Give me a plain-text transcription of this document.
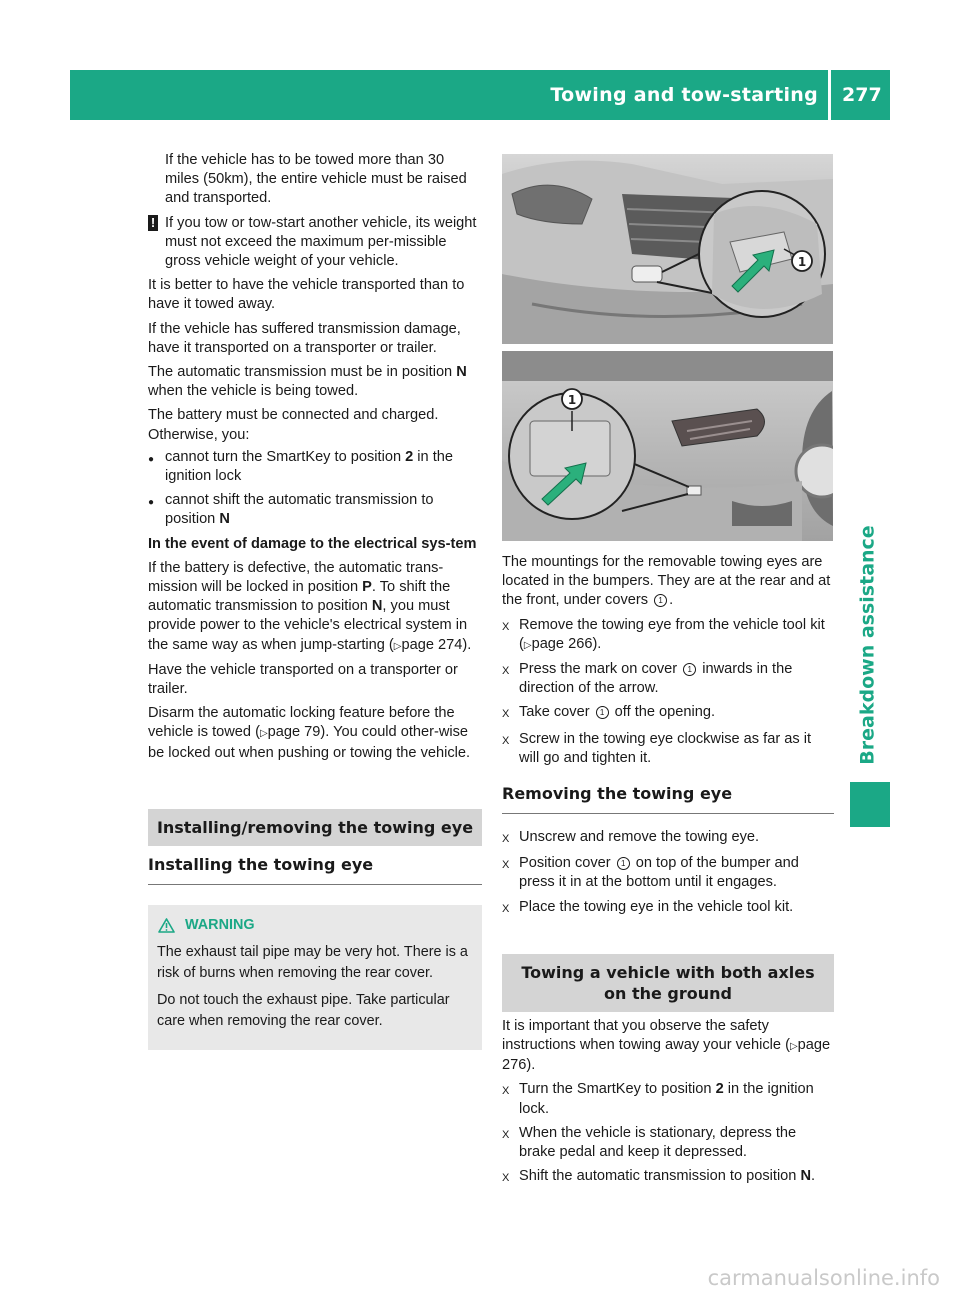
Towing and tow-starting 277
Breakdown assistance

If the vehicle has to be towed more than 30 miles (50km), the entire vehicle must be raised and transported.

! If you tow or tow-start another vehicle, its weight must not exceed the maximum per-missible gross vehicle weight of your vehicle.

It is better to have the vehicle transported than to have it towed away.

If the vehicle has suffered transmission damage, have it transported on a transporter or trailer.

The automatic transmission must be in position N when the vehicle is being towed.

The battery must be connected and charged. Otherwise, you:

● cannot turn the SmartKey to position 2 in the ignition lock
● cannot shift the automatic transmission to position N
In the event of damage to the electrical sys-tem

If the battery is defective, the automatic trans-mission will be locked in position P. To shift the automatic transmission to position N, you must provide power to the vehicle's electrical system in the same way as when jump-starting (▷page 274).

Have the vehicle transported on a transporter or trailer.

Disarm the automatic locking feature before the vehicle is towed (▷page 79). You could other-wise be locked out when pushing or towing the vehicle.

Installing/removing the towing eye
Installing the towing eye
WARNING

The exhaust tail pipe may be very hot. There is a risk of burns when removing the rear cover.

Do not touch the exhaust pipe. Take particular care when removing the rear cover.

1
1

The mountings for the removable towing eyes are located in the bumpers. They are at the rear and at the front, under covers 1 .

X Remove the towing eye from the vehicle tool kit (▷page 266).
X Press the mark on cover 1 inwards in the direction of the arrow.
X Take cover 1 off the opening.
X Screw in the towing eye clockwise as far as it will go and tighten it.
Removing the towing eye
X Unscrew and remove the towing eye.
X Position cover 1 on top of the bumper and press it in at the bottom until it engages.
X Place the towing eye in the vehicle tool kit.
Towing a vehicle with both axles on the ground

It is important that you observe the safety instructions when towing away your vehicle (▷page 276).

X Turn the SmartKey to position 2 in the ignition lock.
X When the vehicle is stationary, depress the brake pedal and keep it depressed.
X Shift the automatic transmission to position N.
carmanualsonline.info
